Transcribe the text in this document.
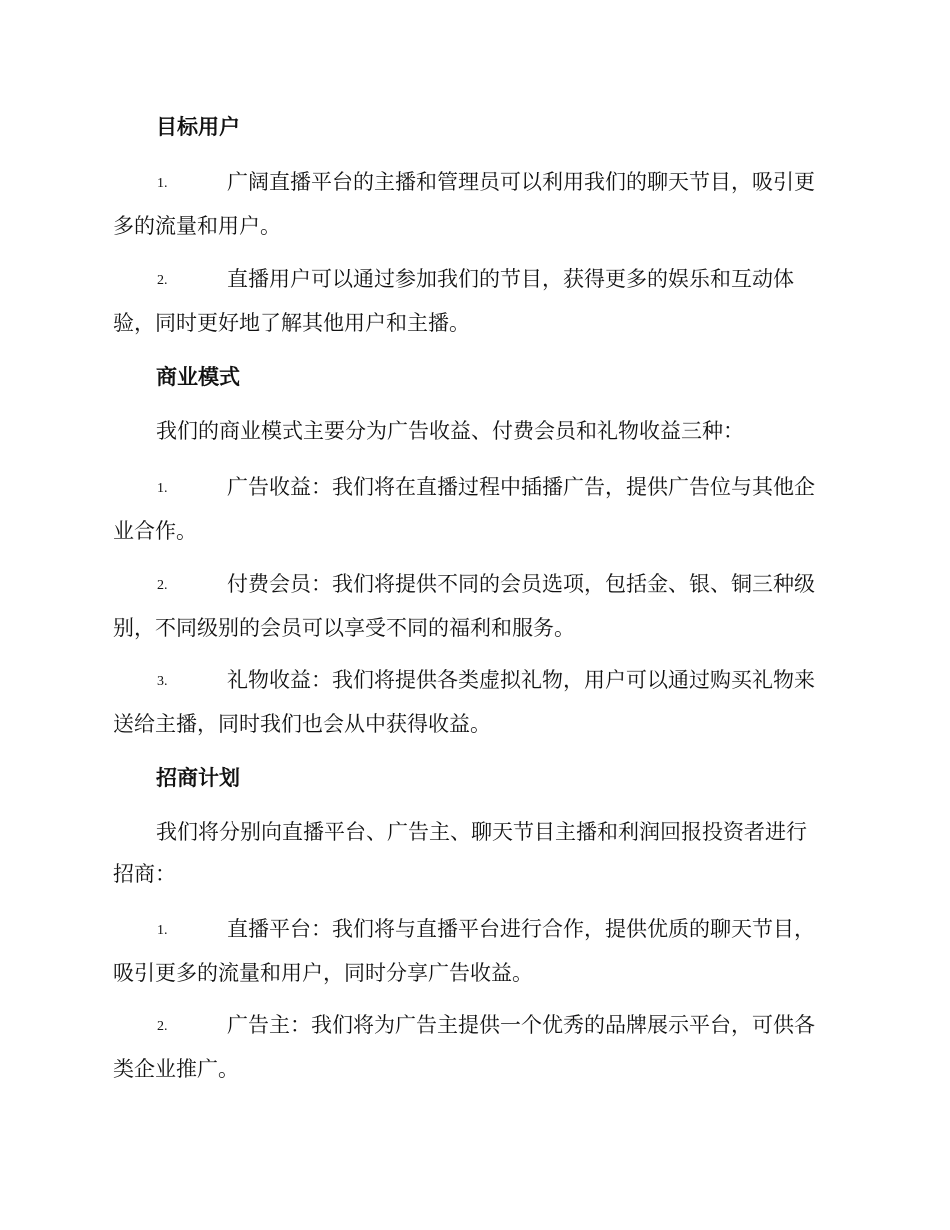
目标用户
1.	广阔直播平台的主播和管理员可以利用我们的聊天节目，吸引更
多的流量和用户。
2.	直播用户可以通过参加我们的节目，获得更多的娱乐和互动体
验，同时更好地了解其他用户和主播。
商业模式
我们的商业模式主要分为广告收益、付费会员和礼物收益三种：
1.	广告收益：我们将在直播过程中插播广告，提供广告位与其他企
业合作。
2.	付费会员：我们将提供不同的会员选项，包括金、银、铜三种级
别，不同级别的会员可以享受不同的福利和服务。
3.	礼物收益：我们将提供各类虚拟礼物，用户可以通过购买礼物来
送给主播，同时我们也会从中获得收益。
招商计划
我们将分别向直播平台、广告主、聊天节目主播和利润回报投资者进行
招商：
1.	直播平台：我们将与直播平台进行合作，提供优质的聊天节目，
吸引更多的流量和用户，同时分享广告收益。
2.	广告主：我们将为广告主提供一个优秀的品牌展示平台，可供各
类企业推广。
